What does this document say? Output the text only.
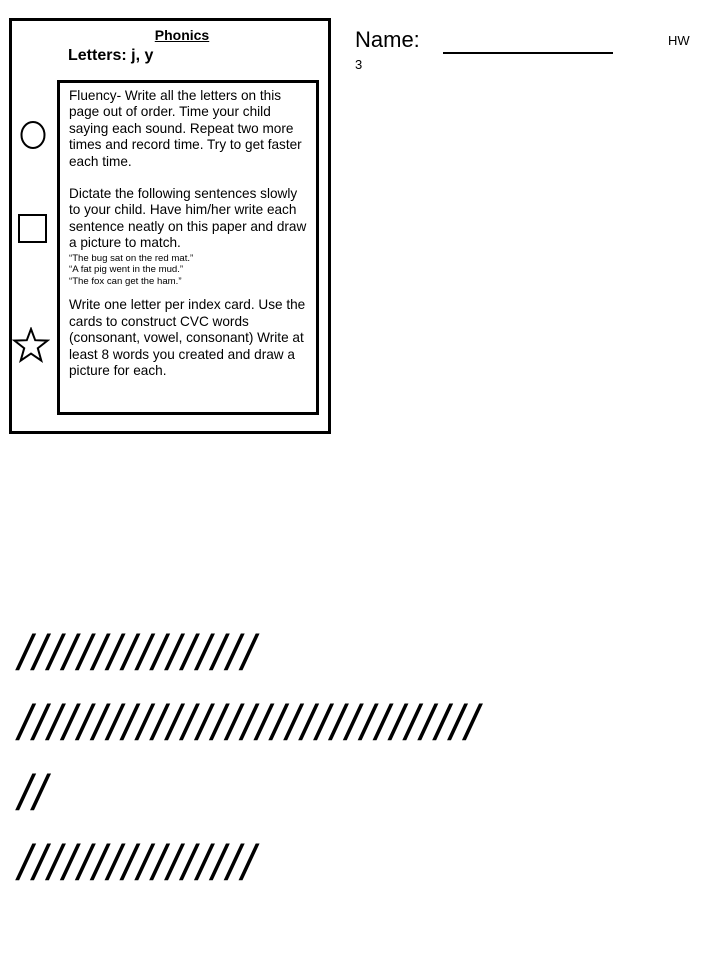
Phonics
Letters: j, y

Fluency- Write all the letters on this page out of order. Time your child saying each sound. Repeat two more times and record time. Try to get faster each time.

Dictate the following sentences slowly to your child. Have him/her write each sentence neatly on this paper and draw a picture to match.

“The bug sat on the red mat.”
“A fat pig went in the mud.”
“The fox can get the ham.”

Write one letter per index card. Use the cards to construct CVC words (consonant, vowel, consonant) Write at least 8 words you created and draw a picture for each.

Name:	HW
3
////////////////
///////////////////////////////
//
////////////////
